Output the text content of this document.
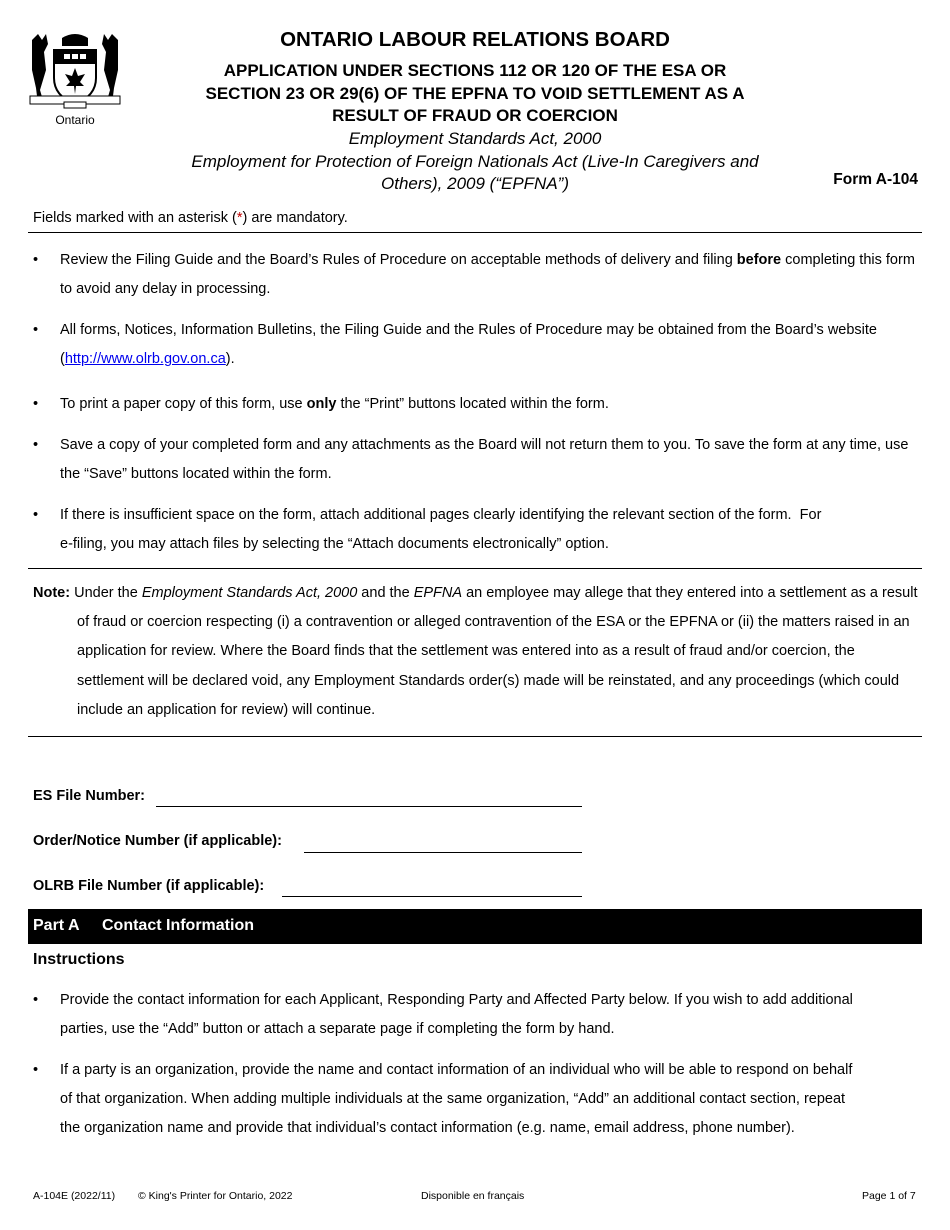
Ontario
ONTARIO LABOUR RELATIONS BOARD
APPLICATION UNDER SECTIONS 112 OR 120 OF THE ESA OR
SECTION 23 OR 29(6) OF THE EPFNA TO VOID SETTLEMENT AS A
RESULT OF FRAUD OR COERCION
Employment Standards Act, 2000
Employment for Protection of Foreign Nationals Act (Live-In Caregivers and
Others), 2009 (“EPFNA”)	Form A-104
Fields marked with an asterisk (*) are mandatory.
• Review the Filing Guide and the Board’s Rules of Procedure on acceptable methods of delivery and filing before completing this form to avoid any delay in processing.
• All forms, Notices, Information Bulletins, the Filing Guide and the Rules of Procedure may be obtained from the Board’s website (http://www.olrb.gov.on.ca).
• To print a paper copy of this form, use only the “Print” buttons located within the form.
• Save a copy of your completed form and any attachments as the Board will not return them to you. To save the form at any time, use the “Save” buttons located within the form.
• If there is insufficient space on the form, attach additional pages clearly identifying the relevant section of the form.  For
e-filing, you may attach files by selecting the “Attach documents electronically” option.
Note: Under the Employment Standards Act, 2000 and the EPFNA an employee may allege that they entered into a settlement as a result of fraud or coercion respecting (i) a contravention or alleged contravention of the ESA or the EPFNA or (ii) the matters raised in an application for review. Where the Board finds that the settlement was entered into as a result of fraud and/or coercion, the settlement will be declared void, any Employment Standards order(s) made will be reinstated, and any proceedings (which could include an application for review) will continue.
ES File Number:
Order/Notice Number (if applicable):
OLRB File Number (if applicable):
Part A Contact Information
Instructions
• Provide the contact information for each Applicant, Responding Party and Affected Party below. If you wish to add additional
parties, use the “Add” button or attach a separate page if completing the form by hand.
• If a party is an organization, provide the name and contact information of an individual who will be able to respond on behalf
of that organization. When adding multiple individuals at the same organization, “Add” an additional contact section, repeat
the organization name and provide that individual’s contact information (e.g. name, email address, phone number).
A-104E (2022/11) © King's Printer for Ontario, 2022	Disponible en français	Page 1 of 7
